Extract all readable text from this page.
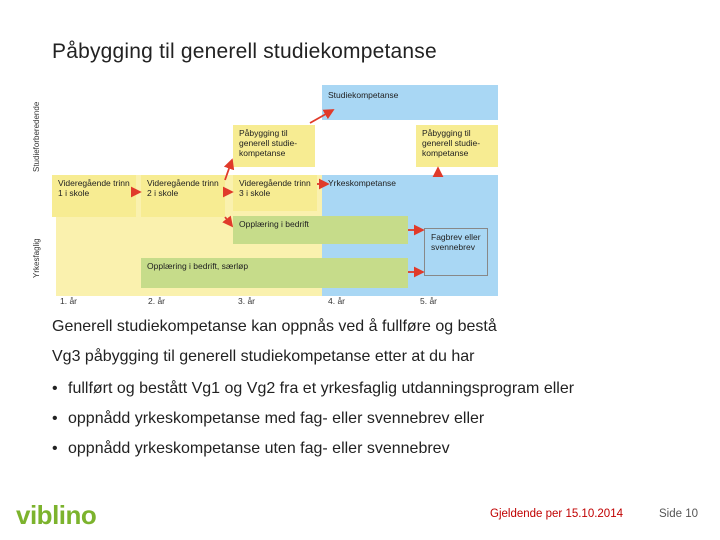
Påbygging til generell studiekompetanse
Studieforberedende
Yrkesfaglig
Studiekompetanse
Påbygging til generell studie- kompetanse
Påbygging til generell studie- kompetanse
Videregående trinn 1 i skole
Videregående trinn 2 i skole
Videregående trinn 3 i skole
Yrkeskompetanse
Opplæring i bedrift
Opplæring i bedrift, særløp
Fagbrev eller svennebrev
1. år	2. år	3. år	4. år	5. år
Generell studiekompetanse kan oppnås ved å fullføre og bestå
Vg3 påbygging til generell studiekompetanse etter at du har
• fullført og bestått Vg1 og Vg2 fra et yrkesfaglig utdanningsprogram eller
• oppnådd yrkeskompetanse med fag- eller svennebrev eller
• oppnådd yrkeskompetanse uten fag- eller svennebrev
viblino	Gjeldende per 15.10.2014	Side 10
